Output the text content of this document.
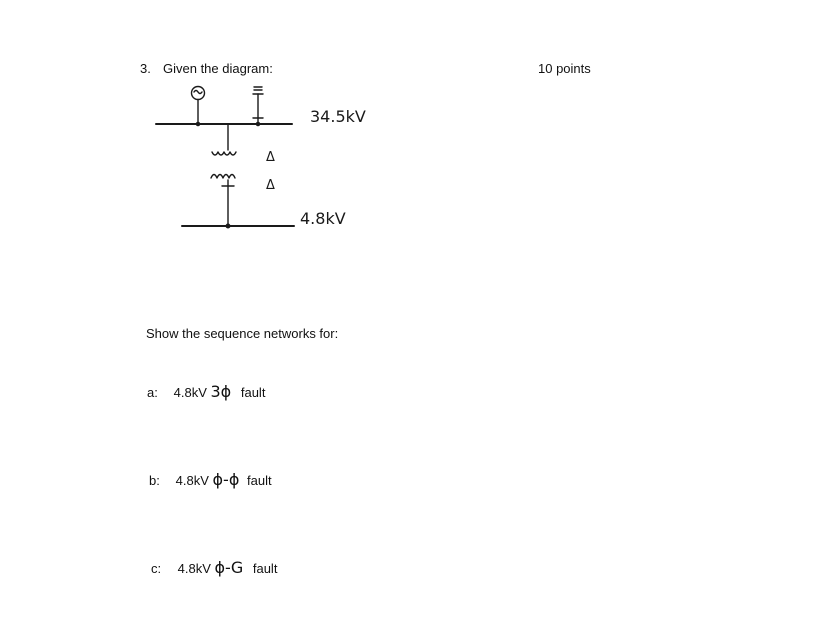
3. Given the diagram:	10 points
Δ
Δ
34.5kV
4.8kV
Show the sequence networks for:
a: 4.8kV 3ϕ fault
b: 4.8kV ϕ-ϕ fault
c: 4.8kV ϕ-G fault
